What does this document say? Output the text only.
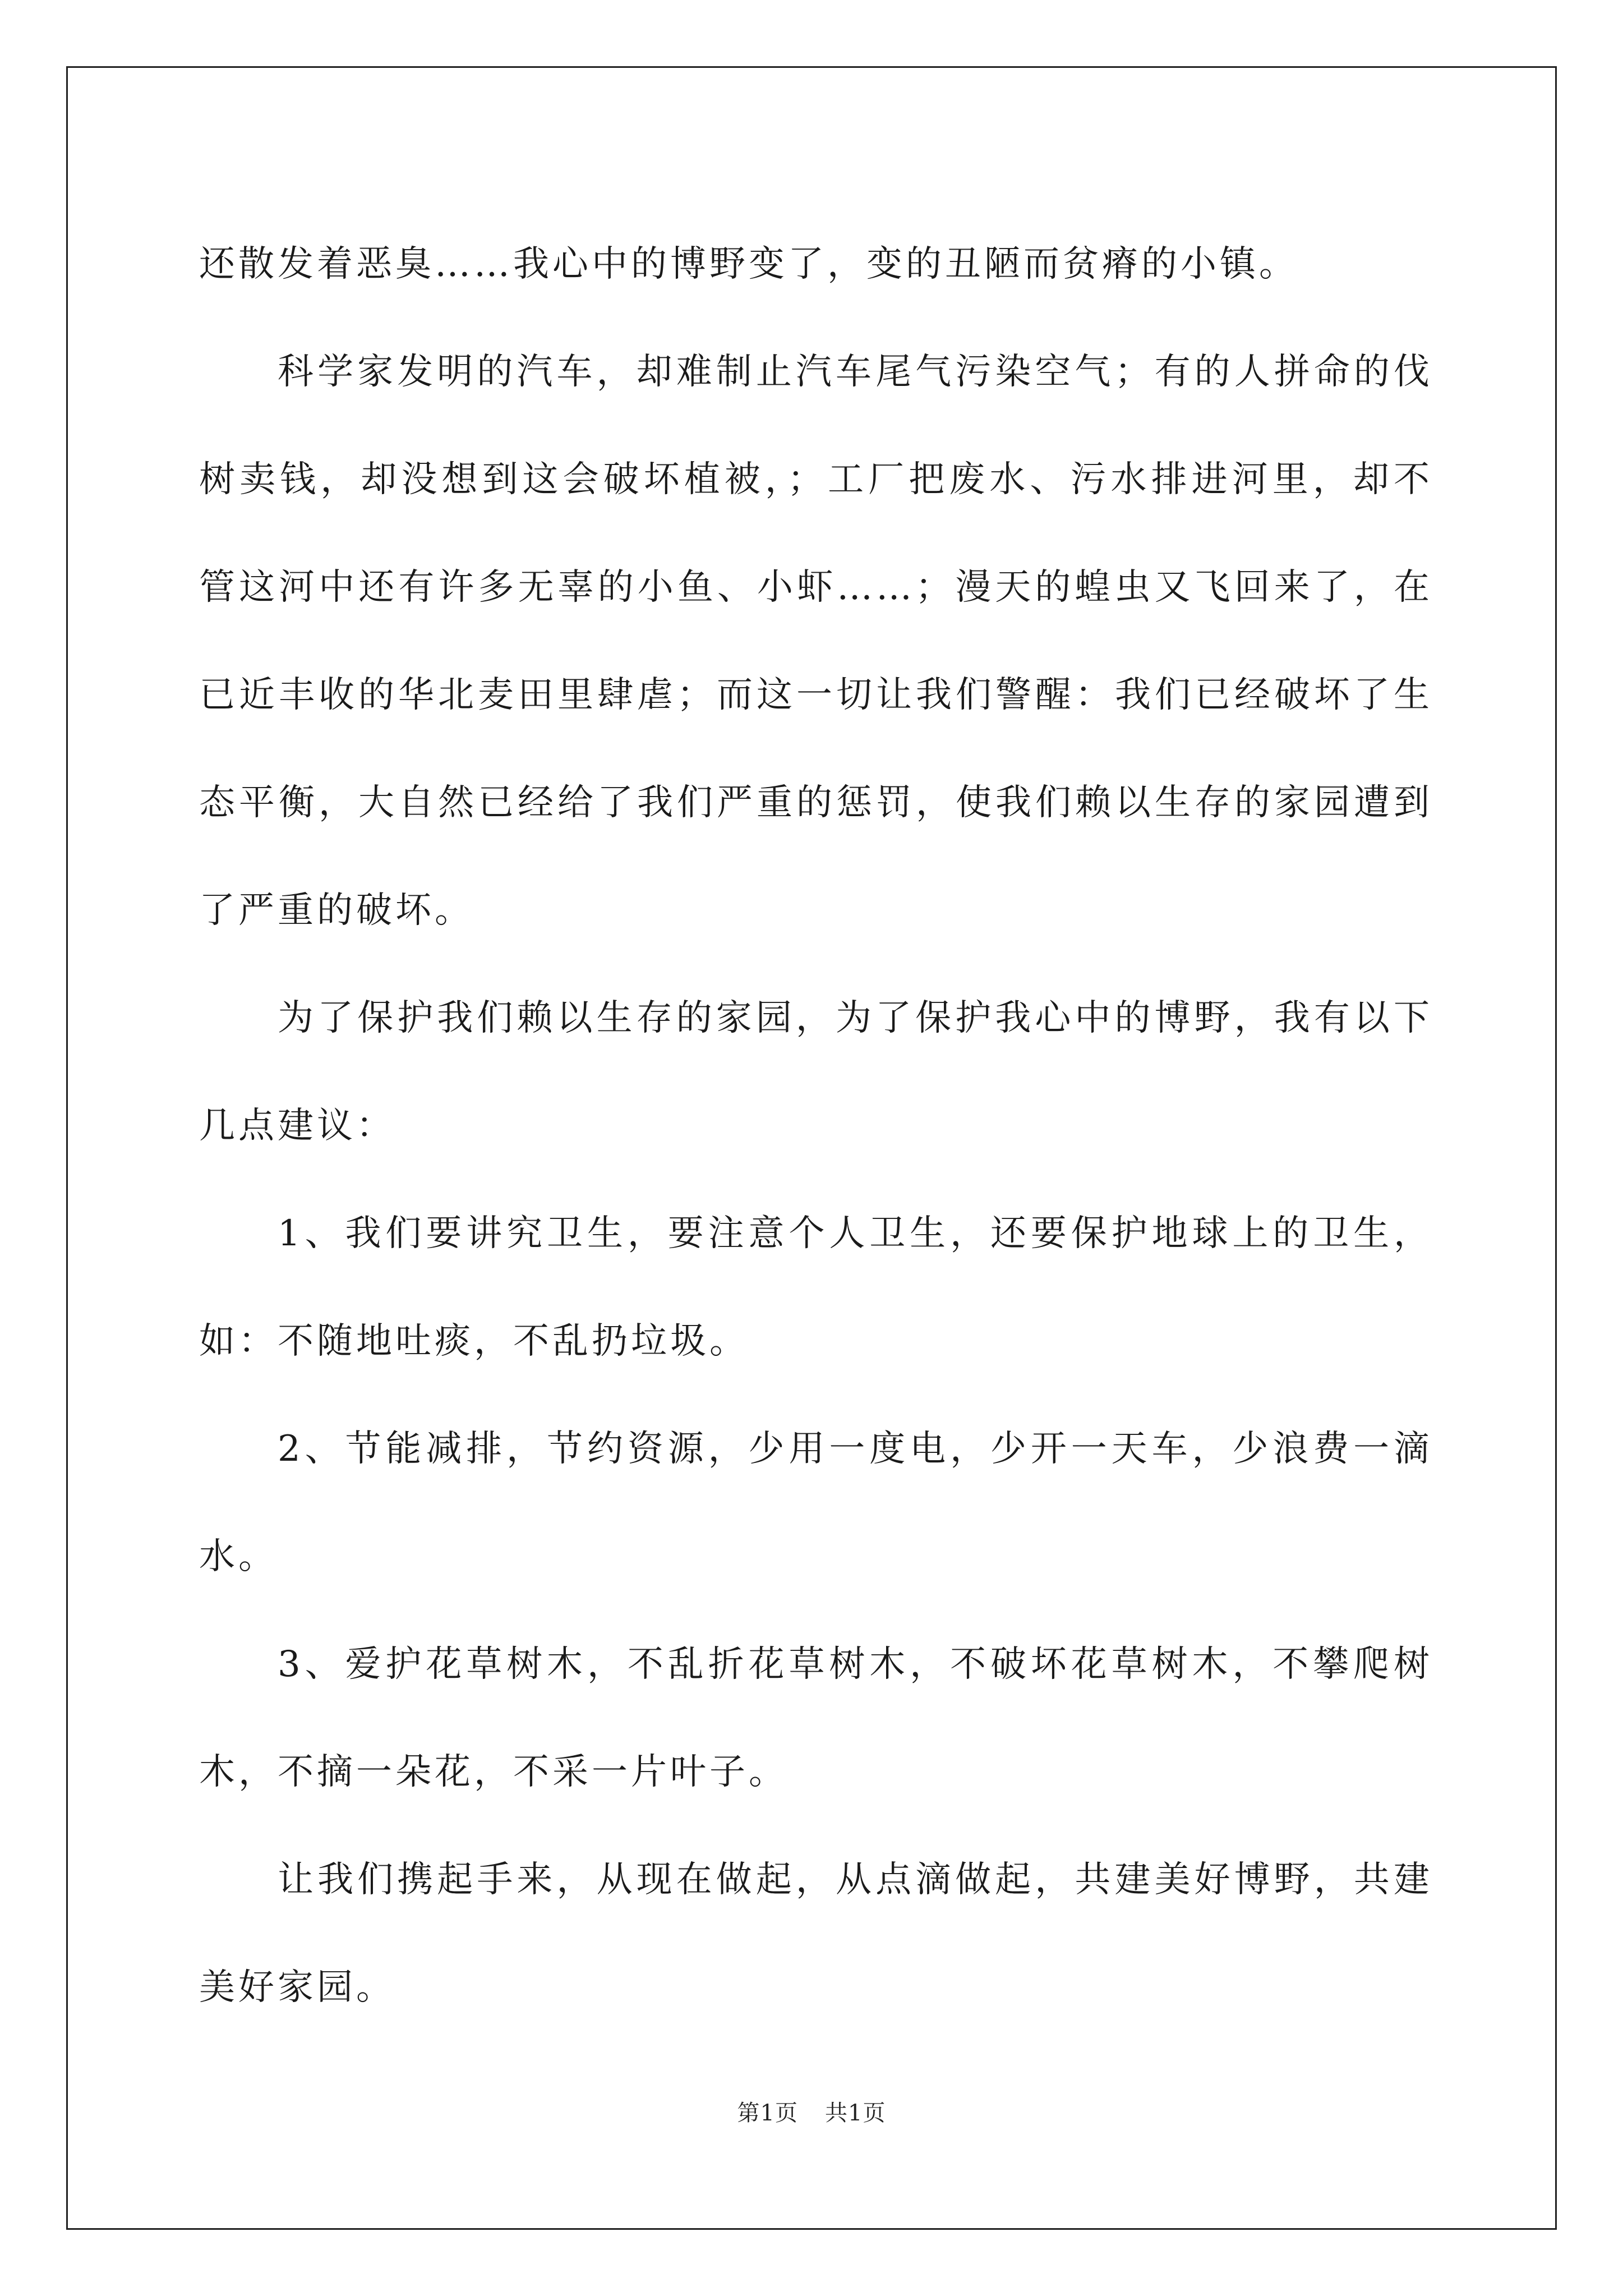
还散发着恶臭……我心中的博野变了，变的丑陋而贫瘠的小镇。

科学家发明的汽车，却难制止汽车尾气污染空气；有的人拼命的伐树卖钱，却没想到这会破坏植被，；工厂把废水、污水排进河里，却不管这河中还有许多无辜的小鱼、小虾……；漫天的蝗虫又飞回来了，在已近丰收的华北麦田里肆虐；而这一切让我们警醒：我们已经破坏了生态平衡，大自然已经给了我们严重的惩罚，使我们赖以生存的家园遭到了严重的破坏。

为了保护我们赖以生存的家园，为了保护我心中的博野，我有以下几点建议：

1、我们要讲究卫生，要注意个人卫生，还要保护地球上的卫生，如：不随地吐痰，不乱扔垃圾。

2、节能减排，节约资源，少用一度电，少开一天车，少浪费一滴水。

3、爱护花草树木，不乱折花草树木，不破坏花草树木，不攀爬树木，不摘一朵花，不采一片叶子。

让我们携起手来，从现在做起，从点滴做起，共建美好博野，共建美好家园。

第1页 共1页
